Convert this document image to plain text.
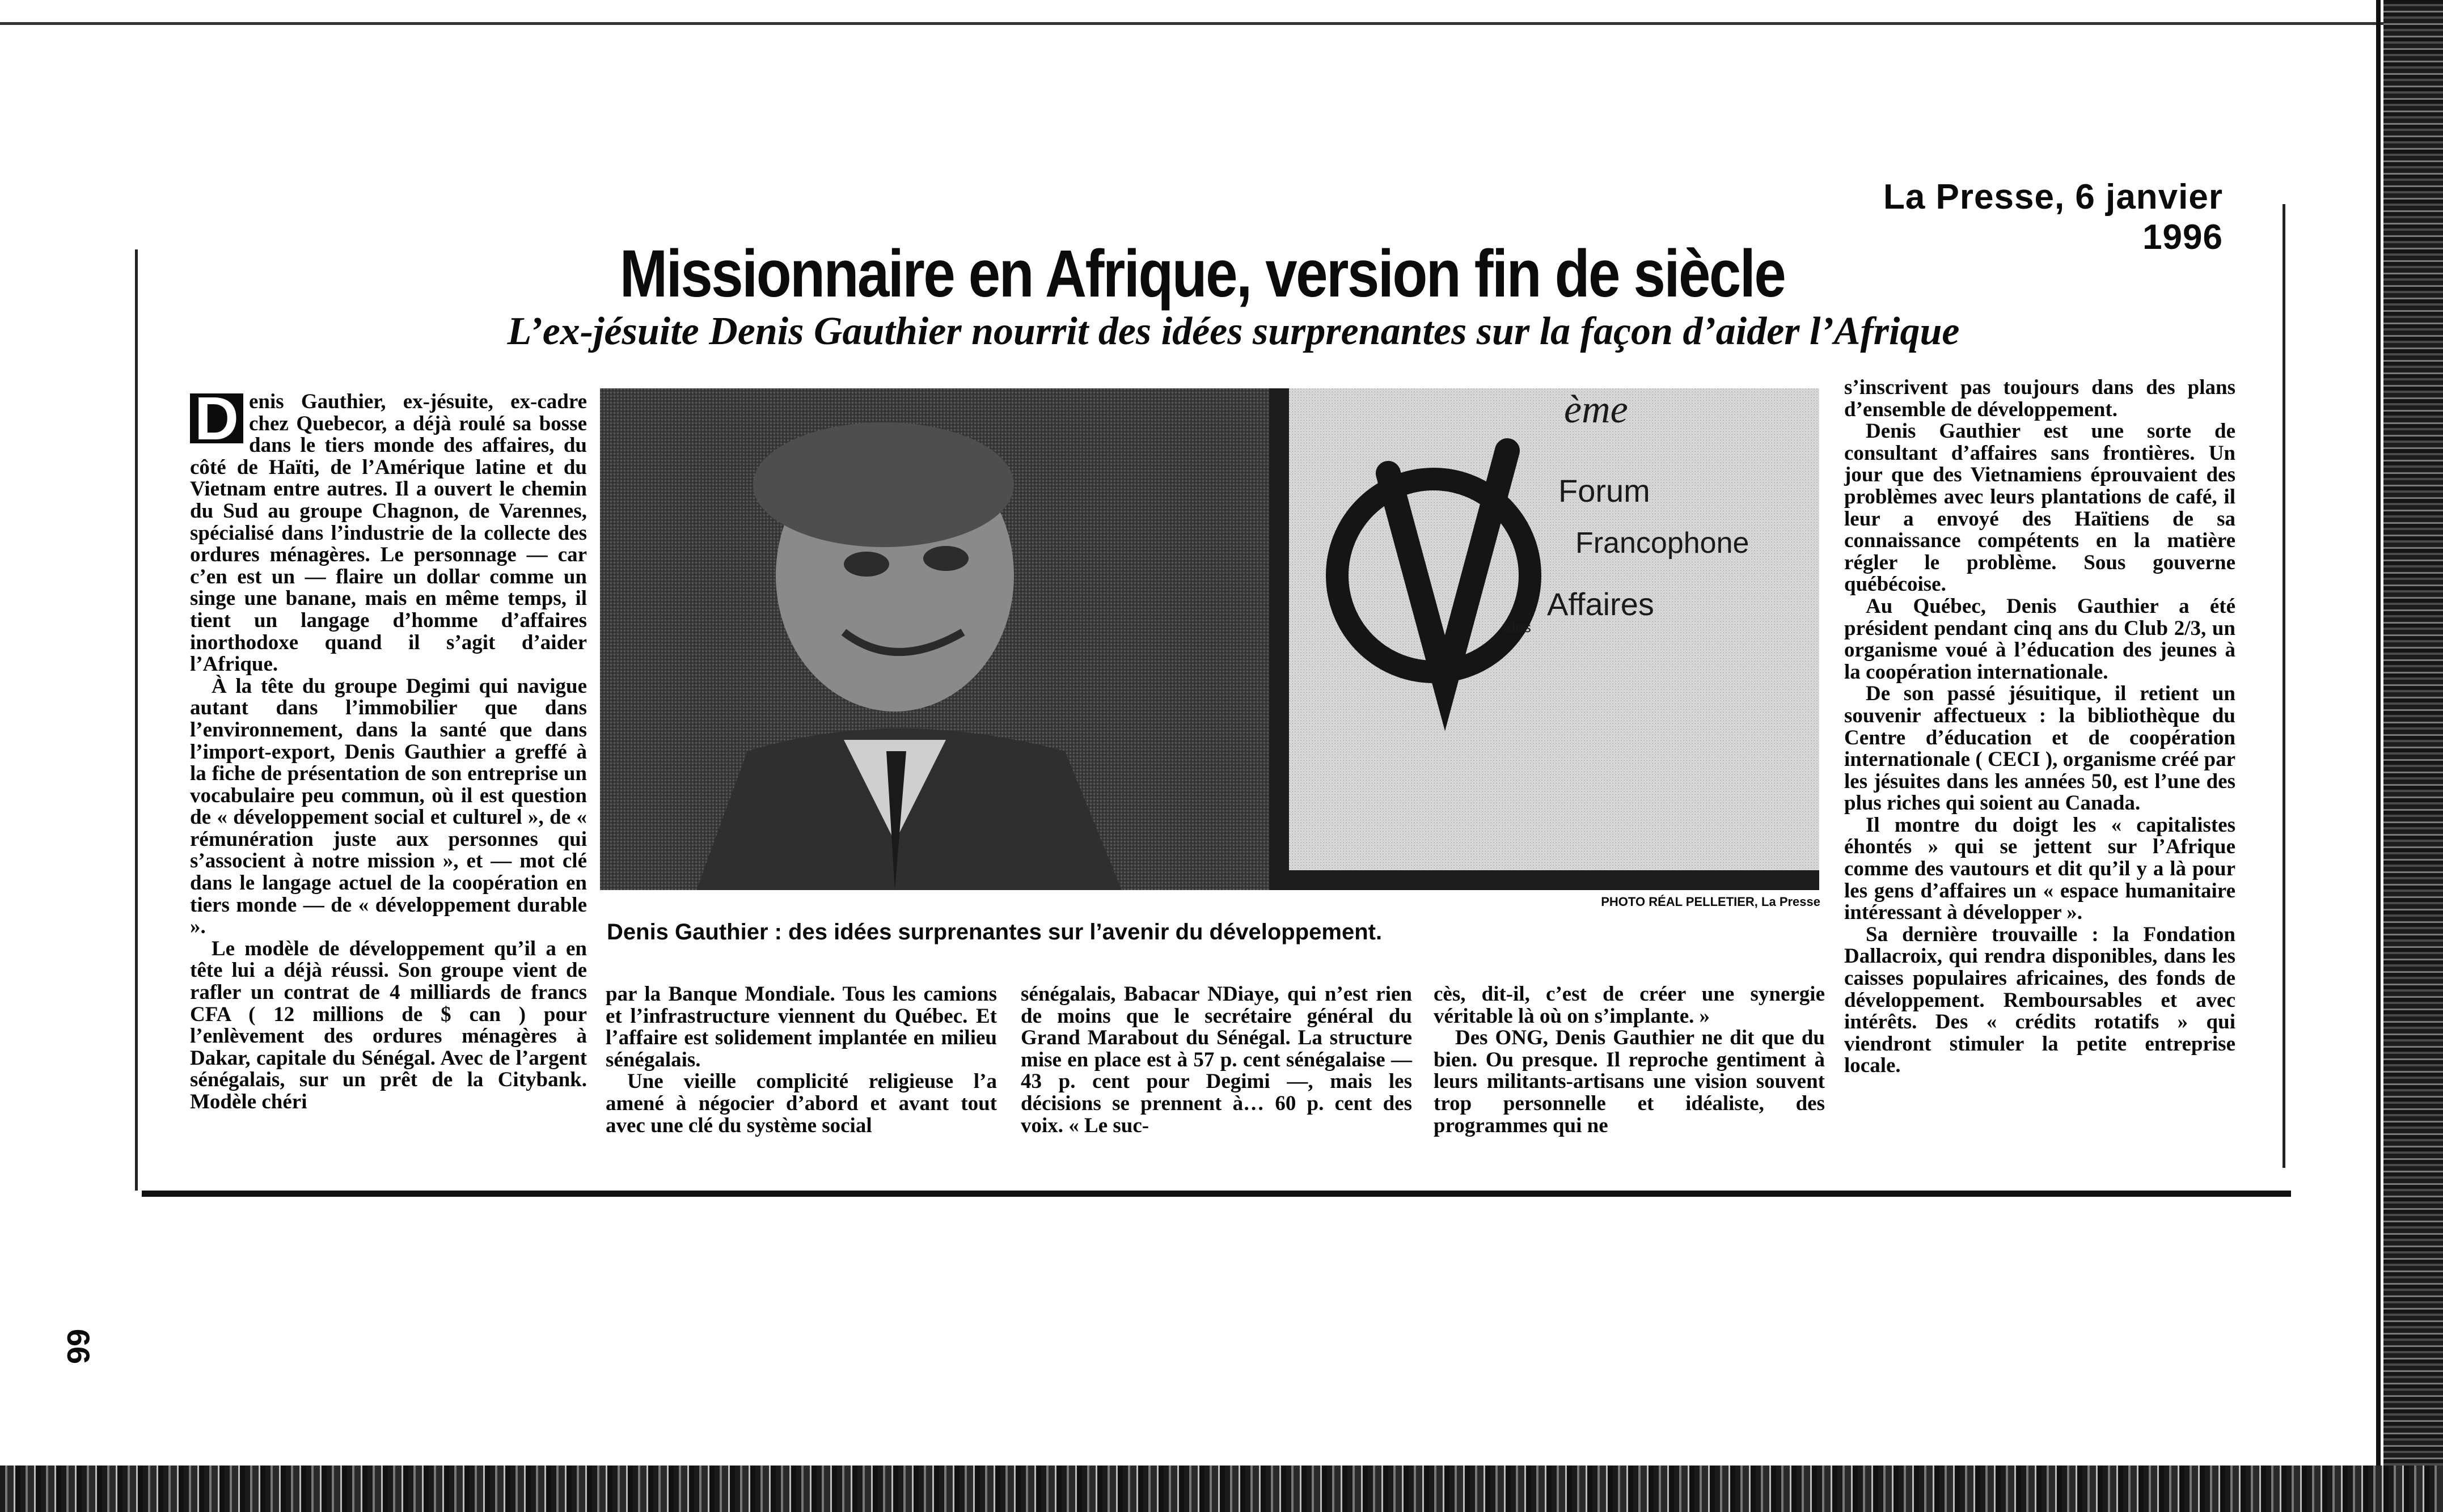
66
La Presse, 6 janvier 1996
Missionnaire en Afrique, version fin de siècle
L’ex-jésuite Denis Gauthier nourrit des idées surprenantes sur la façon d’aider l’Afrique

D enis Gauthier, ex-jésuite, ex-cadre chez Quebecor, a déjà roulé sa bosse dans le tiers monde des affaires, du côté de Haïti, de l’Amérique latine et du Vietnam entre autres. Il a ouvert le chemin du Sud au groupe Chagnon, de Varennes, spécialisé dans l’industrie de la collecte des ordures ménagères. Le personnage — car c’en est un — flaire un dollar comme un singe une banane, mais en même temps, il tient un langage d’homme d’affaires inorthodoxe quand il s’agit d’aider l’Afrique.

À la tête du groupe Degimi qui navigue autant dans l’immobilier que dans l’environnement, dans la santé que dans l’import-export, Denis Gauthier a greffé à la fiche de présentation de son entreprise un vocabulaire peu commun, où il est question de « développement social et culturel », de « rémunération juste aux personnes qui s’associent à notre mission », et — mot clé dans le langage actuel de la coopération en tiers monde — de « développement durable ».

Le modèle de développement qu’il a en tête lui a déjà réussi. Son groupe vient de rafler un contrat de 4 milliards de francs CFA ( 12 millions de $ can ) pour l’enlèvement des ordures ménagères à Dakar, capitale du Sénégal. Avec de l’argent sénégalais, sur un prêt de la Citybank. Modèle chéri

ème
Forum
Francophone
des
Affaires
PHOTO RÉAL PELLETIER, La Presse
Denis Gauthier : des idées surprenantes sur l’avenir du développement.

par la Banque Mondiale. Tous les camions et l’infrastructure viennent du Québec. Et l’affaire est solidement implantée en milieu sénégalais.

Une vieille complicité religieuse l’a amené à négocier d’abord et avant tout avec une clé du système social

sénégalais, Babacar NDiaye, qui n’est rien de moins que le secrétaire général du Grand Marabout du Sénégal. La structure mise en place est à 57 p. cent sénégalaise — 43 p. cent pour Degimi —, mais les décisions se prennent à… 60 p. cent des voix. « Le suc-

cès, dit-il, c’est de créer une synergie véritable là où on s’implante. »

Des ONG, Denis Gauthier ne dit que du bien. Ou presque. Il reproche gentiment à leurs militants-artisans une vision souvent trop personnelle et idéaliste, des programmes qui ne

s’inscrivent pas toujours dans des plans d’ensemble de développement.

Denis Gauthier est une sorte de consultant d’affaires sans frontières. Un jour que des Vietnamiens éprouvaient des problèmes avec leurs plantations de café, il leur a envoyé des Haïtiens de sa connaissance compétents en la matière régler le problème. Sous gouverne québécoise.

Au Québec, Denis Gauthier a été président pendant cinq ans du Club 2/3, un organisme voué à l’éducation des jeunes à la coopération internationale.

De son passé jésuitique, il retient un souvenir affectueux : la bibliothèque du Centre d’éducation et de coopération internationale ( CECI ), organisme créé par les jésuites dans les années 50, est l’une des plus riches qui soient au Canada.

Il montre du doigt les « capitalistes éhontés » qui se jettent sur l’Afrique comme des vautours et dit qu’il y a là pour les gens d’affaires un « espace humanitaire intéressant à développer ».

Sa dernière trouvaille : la Fondation Dallacroix, qui rendra disponibles, dans les caisses populaires africaines, des fonds de développement. Remboursables et avec intérêts. Des « crédits rotatifs » qui viendront stimuler la petite entreprise locale.
